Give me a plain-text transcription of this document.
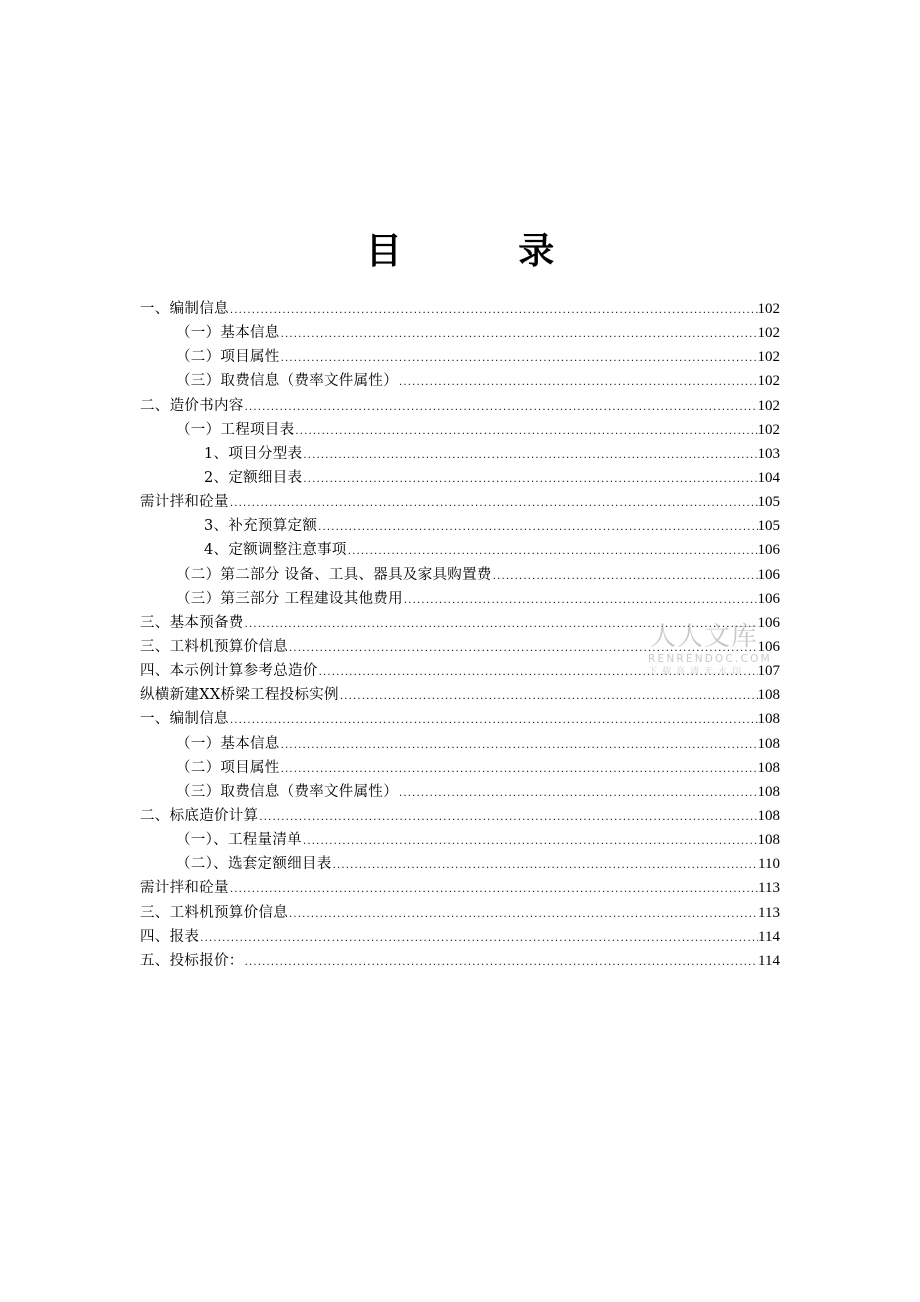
目 录
一、编制信息 .....	102
（一）基本信息 .....	102
（二）项目属性 .....	102
（三）取费信息（费率文件属性） .....	102
二、造价书内容 .....	102
（一）工程项目表 .....	102
1、项目分型表 .....	103
2、定额细目表 .....	104
需计拌和砼量 .....	105
3、补充预算定额 .....	105
4、定额调整注意事项 .....	106
（二）第二部分 设备、工具、器具及家具购置费 .....	106
（三）第三部分 工程建设其他费用 .....	106
三、基本预备费 .....	106
三、工料机预算价信息 .....	106
四、本示例计算参考总造价 .....	107
纵横新建XX桥梁工程投标实例 .....	108
一、编制信息 .....	108
（一）基本信息 .....	108
（二）项目属性 .....	108
（三）取费信息（费率文件属性） .....	108
二、标底造价计算 .....	108
（一）、工程量清单 .....	108
（二）、选套定额细目表 .....	110
需计拌和砼量 .....	113
三、工料机预算价信息 .....	113
四、报表 .....	114
五、投标报价： .....	114
人人文库
RENRENDOC.COM
下载高清无水印
